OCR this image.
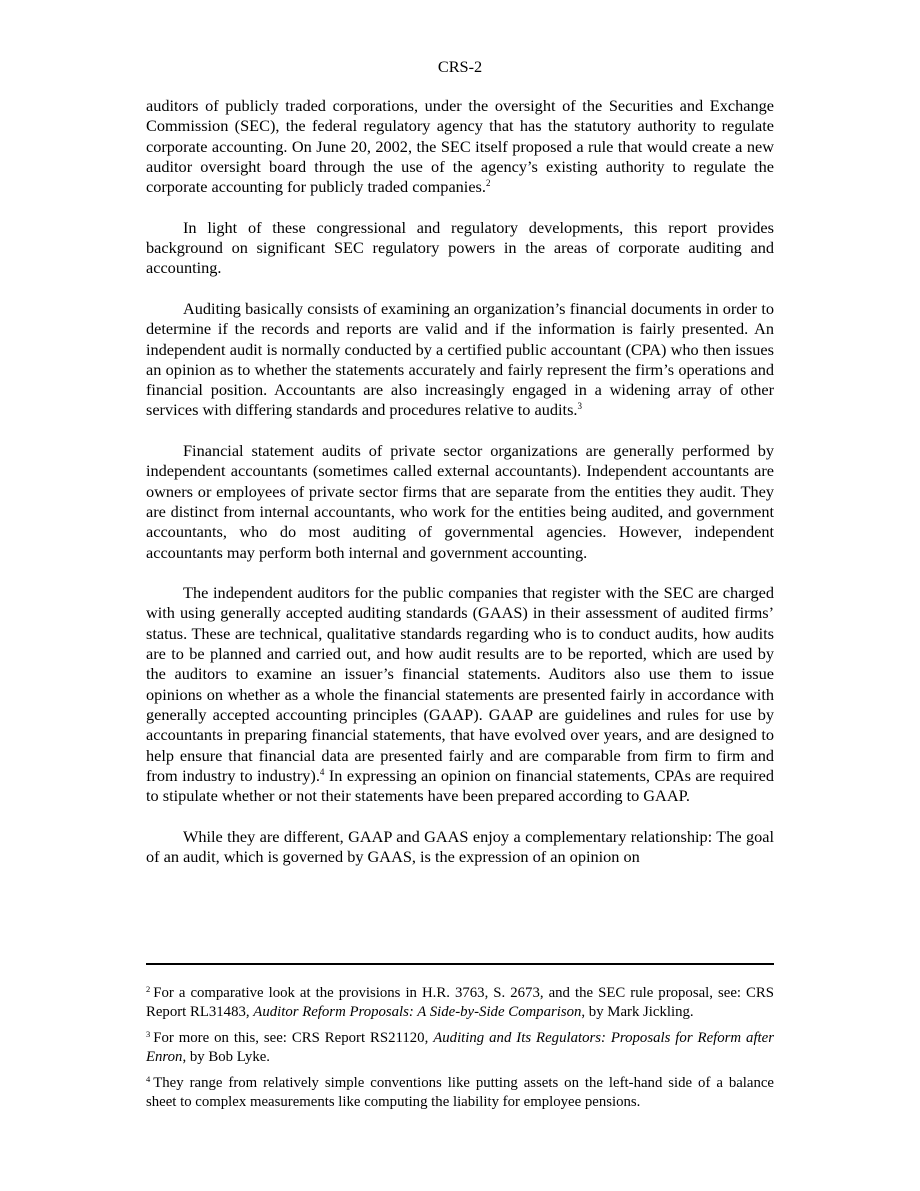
CRS-2

auditors of publicly traded corporations, under the oversight of the Securities and Exchange Commission (SEC), the federal regulatory agency that has the statutory authority to regulate corporate accounting. On June 20, 2002, the SEC itself proposed a rule that would create a new auditor oversight board through the use of the agency’s existing authority to regulate the corporate accounting for publicly traded companies.$^2$

In light of these congressional and regulatory developments, this report provides background on significant SEC regulatory powers in the areas of corporate auditing and accounting.

Auditing basically consists of examining an organization’s financial documents in order to determine if the records and reports are valid and if the information is fairly presented. An independent audit is normally conducted by a certified public accountant (CPA) who then issues an opinion as to whether the statements accurately and fairly represent the firm’s operations and financial position. Accountants are also increasingly engaged in a widening array of other services with differing standards and procedures relative to audits.$^3$

Financial statement audits of private sector organizations are generally performed by independent accountants (sometimes called external accountants). Independent accountants are owners or employees of private sector firms that are separate from the entities they audit. They are distinct from internal accountants, who work for the entities being audited, and government accountants, who do most auditing of governmental agencies. However, independent accountants may perform both internal and government accounting.

The independent auditors for the public companies that register with the SEC are charged with using generally accepted auditing standards (GAAS) in their assessment of audited firms’ status. These are technical, qualitative standards regarding who is to conduct audits, how audits are to be planned and carried out, and how audit results are to be reported, which are used by the auditors to examine an issuer’s financial statements. Auditors also use them to issue opinions on whether as a whole the financial statements are presented fairly in accordance with generally accepted accounting principles (GAAP). GAAP are guidelines and rules for use by accountants in preparing financial statements, that have evolved over years, and are designed to help ensure that financial data are presented fairly and are comparable from firm to firm and from industry to industry).$^4$ In expressing an opinion on financial statements, CPAs are required to stipulate whether or not their statements have been prepared according to GAAP.

While they are different, GAAP and GAAS enjoy a complementary relationship: The goal of an audit, which is governed by GAAS, is the expression of an opinion on

$^2$ For a comparative look at the provisions in H.R. 3763, S. 2673, and the SEC rule proposal, see: CRS Report RL31483, Auditor Reform Proposals: A Side-by-Side Comparison, by Mark Jickling.

$^3$ For more on this, see: CRS Report RS21120, Auditing and Its Regulators: Proposals for Reform after Enron, by Bob Lyke.

$^4$ They range from relatively simple conventions like putting assets on the left-hand side of a balance sheet to complex measurements like computing the liability for employee pensions.
